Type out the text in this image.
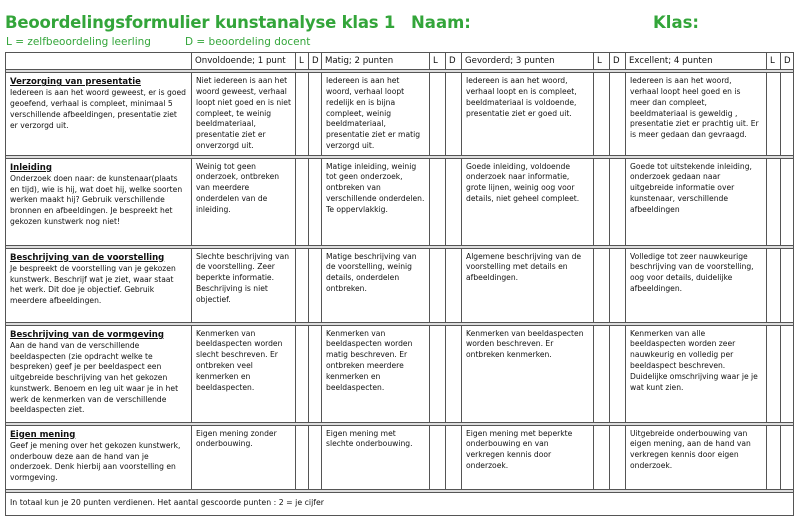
Beoordelingsformulier kunstanalyse klas 1 Naam:	Klas:
L = zelfbeoordeling leerling	D = beoordeling docent
	Onvoldoende; 1 punt	L	D	Matig; 2 punten	L	D	Gevorderd; 3 punten	L	D	Excellent; 4 punten	L	D

Verzorging van presentatie
Iedereen is aan het woord geweest, er is goed geoefend, verhaal is compleet, minimaal 5 verschillende afbeeldingen, presentatie ziet er verzorgd uit.	Niet iedereen is aan het woord geweest, verhaal loopt niet goed en is niet compleet, te weinig beeldmateriaal, presentatie ziet er onverzorgd uit.			Iedereen is aan het woord, verhaal loopt redelijk en is bijna compleet, weinig beeldmateriaal, presentatie ziet er matig verzorgd uit.			Iedereen is aan het woord, verhaal loopt en is compleet, beeldmateriaal is voldoende, presentatie ziet er goed uit.			Iedereen is aan het woord, verhaal loopt heel goed en is meer dan compleet, beeldmateriaal is geweldig , presentatie ziet er prachtig uit. Er is meer gedaan dan gevraagd.		

Inleiding
Onderzoek doen naar: de kunstenaar(plaats en tijd), wie is hij, wat doet hij, welke soorten werken maakt hij? Gebruik verschillende bronnen en afbeeldingen. Je bespreekt het gekozen kunstwerk nog niet!	Weinig tot geen onderzoek, ontbreken van meerdere onderdelen van de inleiding.			Matige inleiding, weinig tot geen onderzoek, ontbreken van verschillende onderdelen. Te oppervlakkig.			Goede inleiding, voldoende onderzoek naar informatie, grote lijnen, weinig oog voor details, niet geheel compleet.			Goede tot uitstekende inleiding, onderzoek gedaan naar uitgebreide informatie over kunstenaar, verschillende afbeeldingen		

Beschrijving van de voorstelling
Je bespreekt de voorstelling van je gekozen kunstwerk. Beschrijf wat je ziet, waar staat het werk. Dit doe je objectief. Gebruik meerdere afbeeldingen.	Slechte beschrijving van de voorstelling. Zeer beperkte informatie. Beschrijving is niet objectief.			Matige beschrijving van de voorstelling, weinig details, onderdelen ontbreken.			Algemene beschrijving van de voorstelling met details en afbeeldingen.			Volledige tot zeer nauwkeurige beschrijving van de voorstelling, oog voor details, duidelijke afbeeldingen.		

Beschrijving van de vormgeving
Aan de hand van de verschillende beeldaspecten (zie opdracht welke te bespreken) geef je per beeldaspect een uitgebreide beschrijving van het gekozen kunstwerk. Benoem en leg uit waar je in het werk de kenmerken van de verschillende beeldaspecten ziet.	Kenmerken van beeldaspecten worden slecht beschreven. Er ontbreken veel kenmerken en beeldaspecten.			Kenmerken van beeldaspecten worden matig beschreven. Er ontbreken meerdere kenmerken en beeldaspecten.			Kenmerken van beeldaspecten worden beschreven. Er ontbreken kenmerken.			Kenmerken van alle beeldaspecten worden zeer nauwkeurig en volledig per beeldaspect beschreven. Duidelijke omschrijving waar je je wat kunt zien.		

Eigen mening
Geef je mening over het gekozen kunstwerk, onderbouw deze aan de hand van je onderzoek. Denk hierbij aan voorstelling en vormgeving.	Eigen mening zonder onderbouwing.			Eigen mening met slechte onderbouwing.			Eigen mening met beperkte onderbouwing en van verkregen kennis door onderzoek.			Uitgebreide onderbouwing van eigen mening, aan de hand van verkregen kennis door eigen onderzoek.		

In totaal kun je 20 punten verdienen. Het aantal gescoorde punten : 2 = je cijfer												
